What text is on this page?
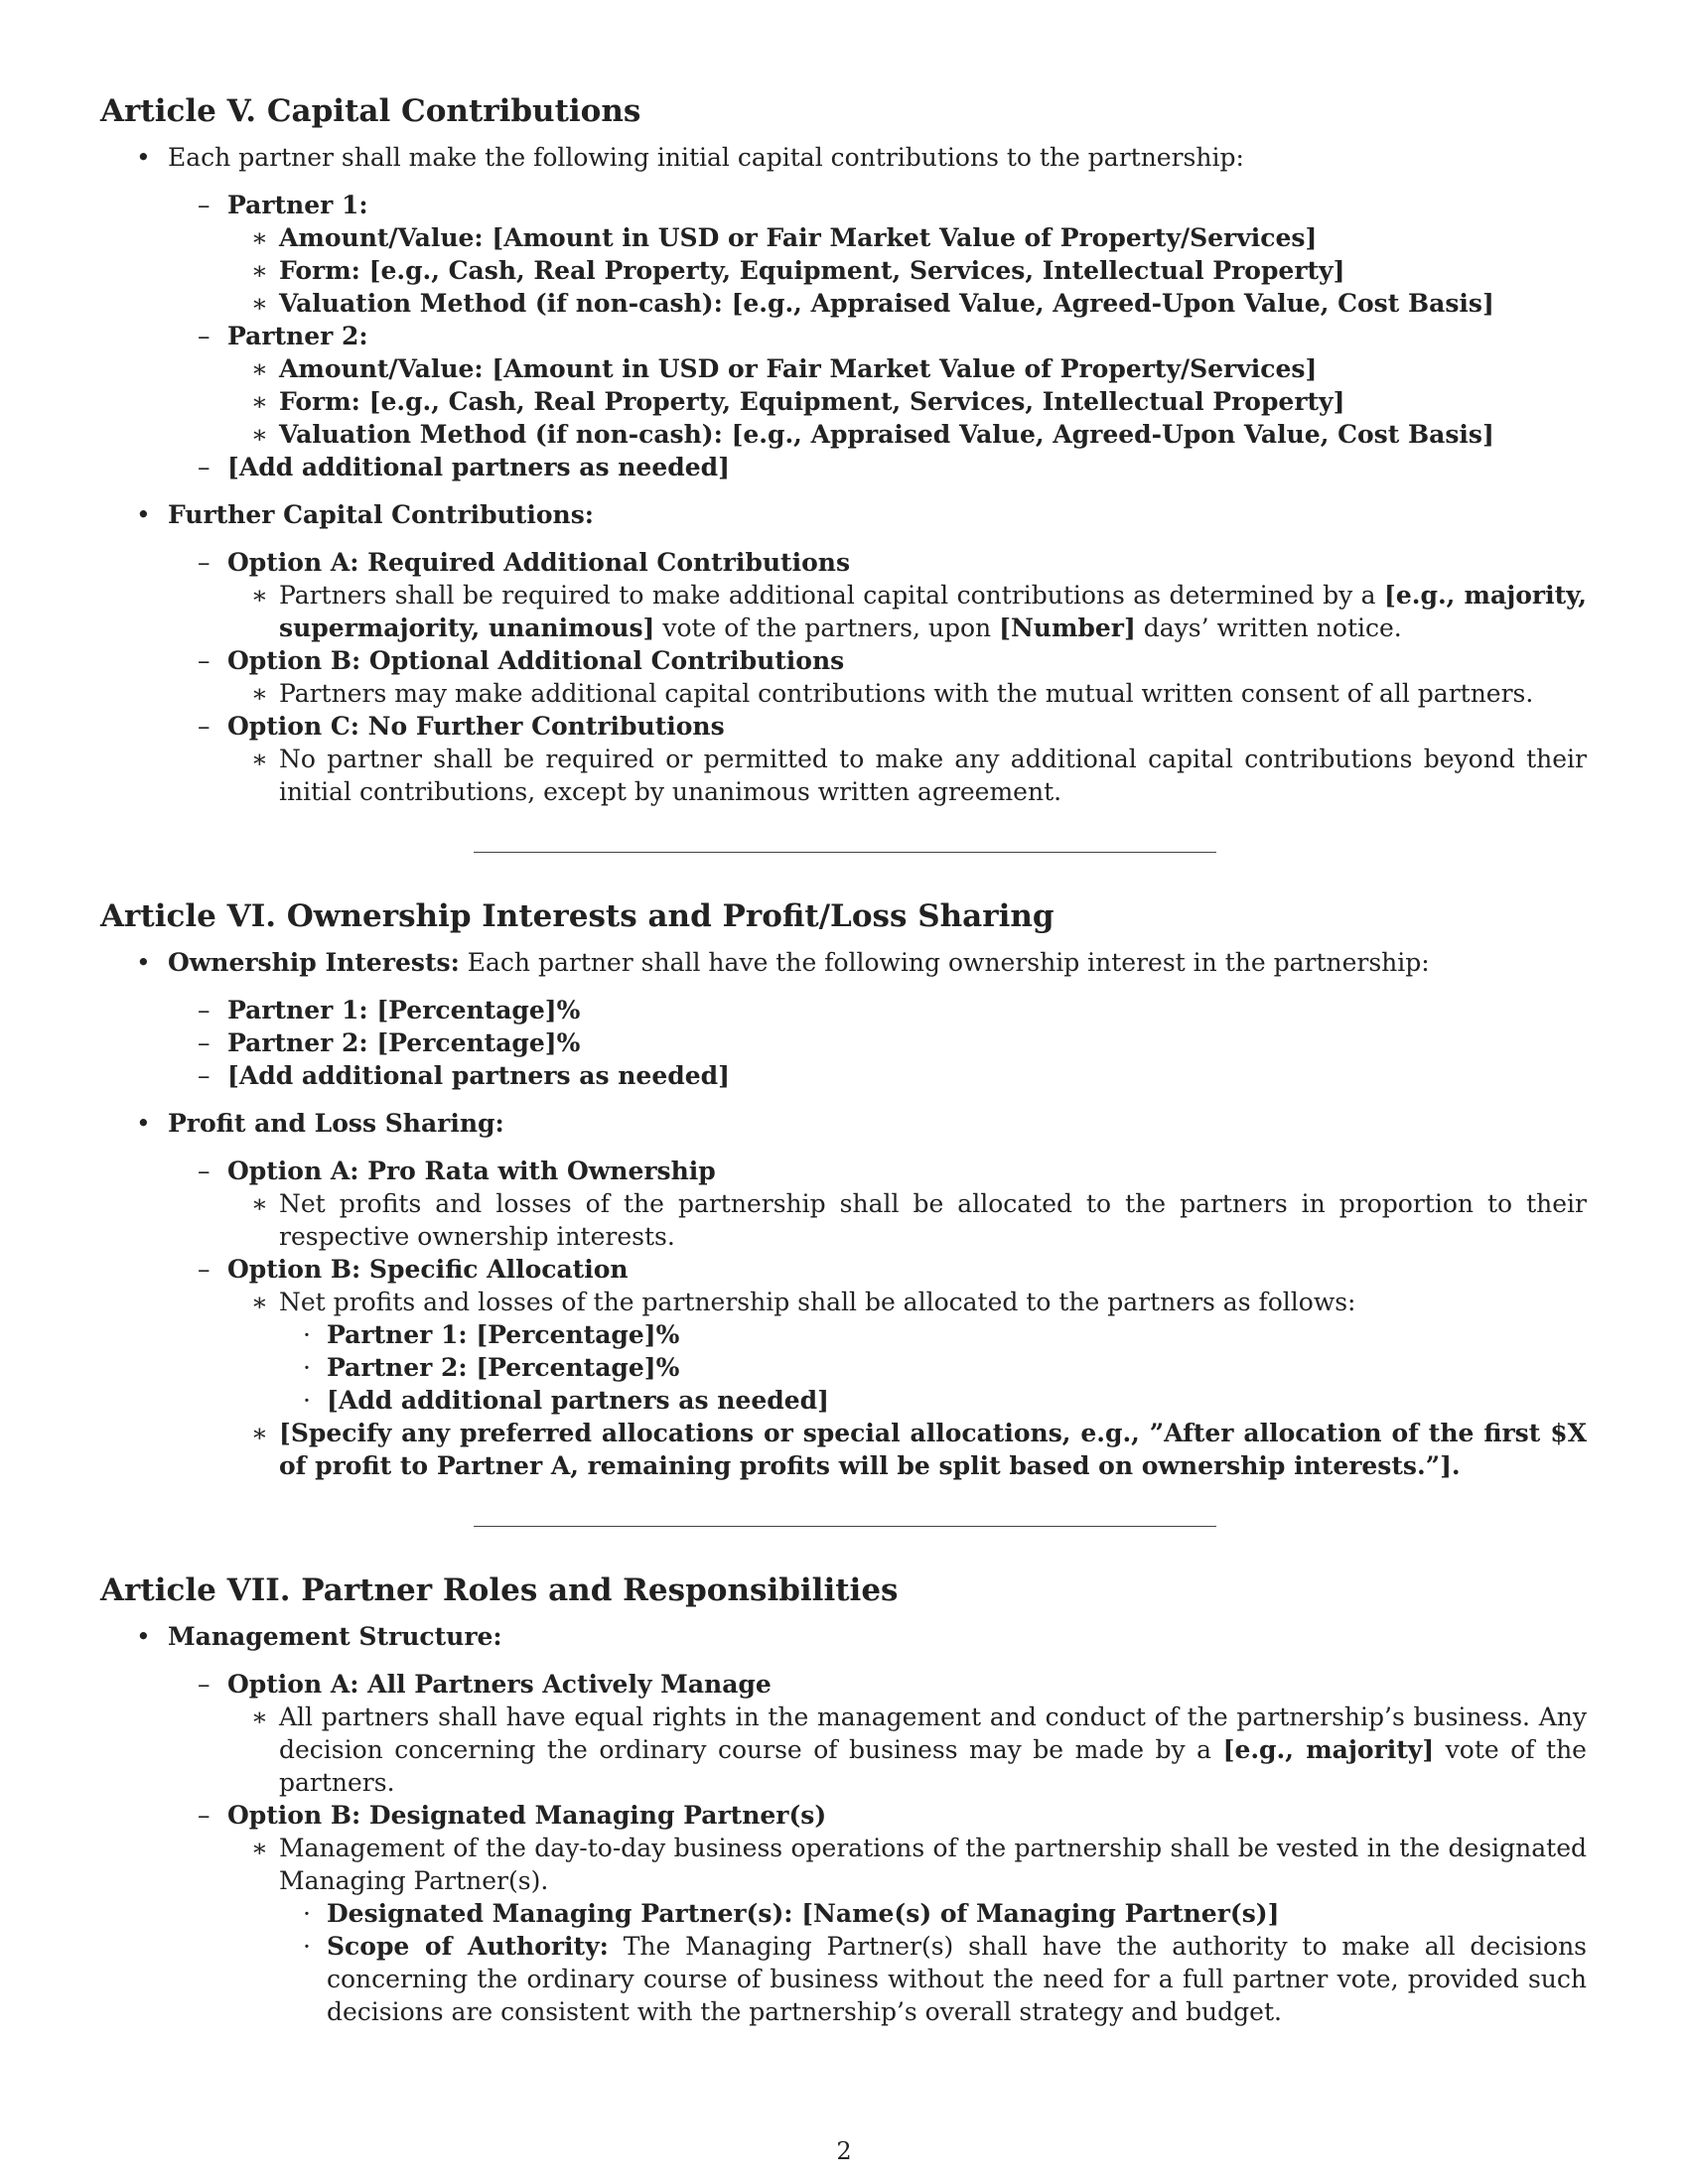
Article V. Capital Contributions

• Each partner shall make the following initial capital contributions to the partnership:

– Partner 1:

∗ Amount/Value: [Amount in USD or Fair Market Value of Property/Services]

∗ Form: [e.g., Cash, Real Property, Equipment, Services, Intellectual Property]

∗ Valuation Method (if non-cash): [e.g., Appraised Value, Agreed-Upon Value, Cost Basis]

– Partner 2:

∗ Amount/Value: [Amount in USD or Fair Market Value of Property/Services]

∗ Form: [e.g., Cash, Real Property, Equipment, Services, Intellectual Property]

∗ Valuation Method (if non-cash): [e.g., Appraised Value, Agreed-Upon Value, Cost Basis]

– [Add additional partners as needed]

• Further Capital Contributions:

– Option A: Required Additional Contributions

∗ Partners shall be required to make additional capital contributions as determined by a [e.g., majority, supermajority, unanimous] vote of the partners, upon [Number] days’ written notice.

– Option B: Optional Additional Contributions

∗ Partners may make additional capital contributions with the mutual written consent of all partners.

– Option C: No Further Contributions

∗ No partner shall be required or permitted to make any additional capital contributions beyond their initial contributions, except by unanimous written agreement.

Article VI. Ownership Interests and Profit/Loss Sharing

• Ownership Interests: Each partner shall have the following ownership interest in the partnership:

– Partner 1: [Percentage]%

– Partner 2: [Percentage]%

– [Add additional partners as needed]

• Profit and Loss Sharing:

– Option A: Pro Rata with Ownership

∗ Net profits and losses of the partnership shall be allocated to the partners in proportion to their respective ownership interests.

– Option B: Specific Allocation

∗ Net profits and losses of the partnership shall be allocated to the partners as follows:

· Partner 1: [Percentage]%

· Partner 2: [Percentage]%

· [Add additional partners as needed]

∗ [Specify any preferred allocations or special allocations, e.g., ”After allocation of the first $X of profit to Partner A, remaining profits will be split based on ownership interests.”].

Article VII. Partner Roles and Responsibilities

• Management Structure:

– Option A: All Partners Actively Manage

∗ All partners shall have equal rights in the management and conduct of the partnership’s business. Any decision concerning the ordinary course of business may be made by a [e.g., majority] vote of the partners.

– Option B: Designated Managing Partner(s)

∗ Management of the day-to-day business operations of the partnership shall be vested in the designated Managing Partner(s).

· Designated Managing Partner(s): [Name(s) of Managing Partner(s)]

· Scope of Authority: The Managing Partner(s) shall have the authority to make all decisions concerning the ordinary course of business without the need for a full partner vote, provided such decisions are consistent with the partnership’s overall strategy and budget.

2
